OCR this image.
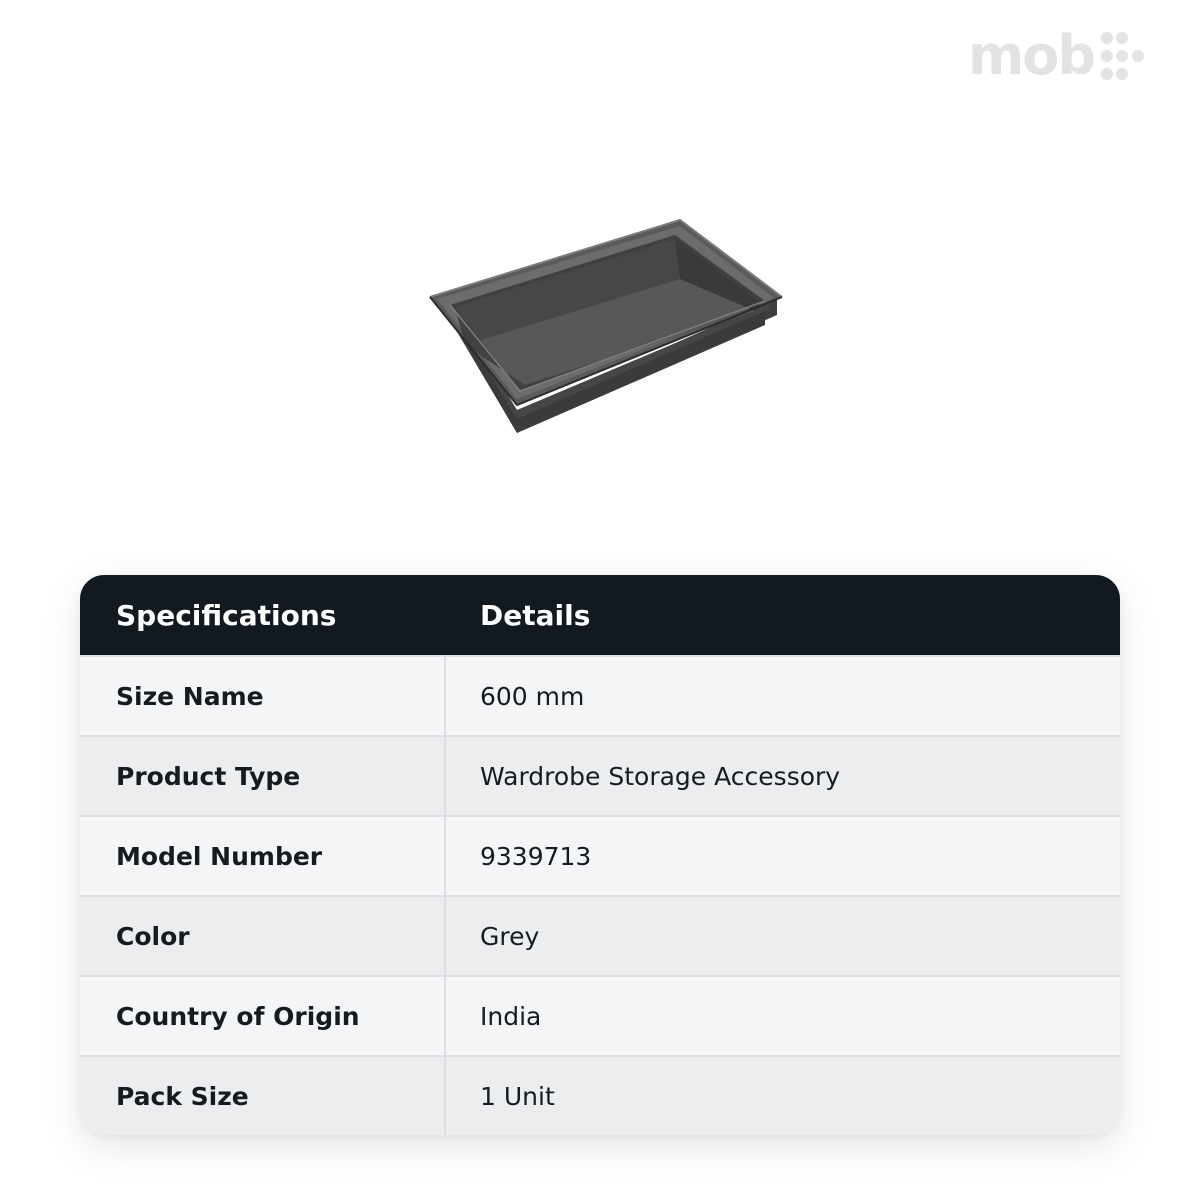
mob
Specifications	Details
Size Name	600 mm
Product Type	Wardrobe Storage Accessory
Model Number	9339713
Color	Grey
Country of Origin	India
Pack Size	1 Unit
